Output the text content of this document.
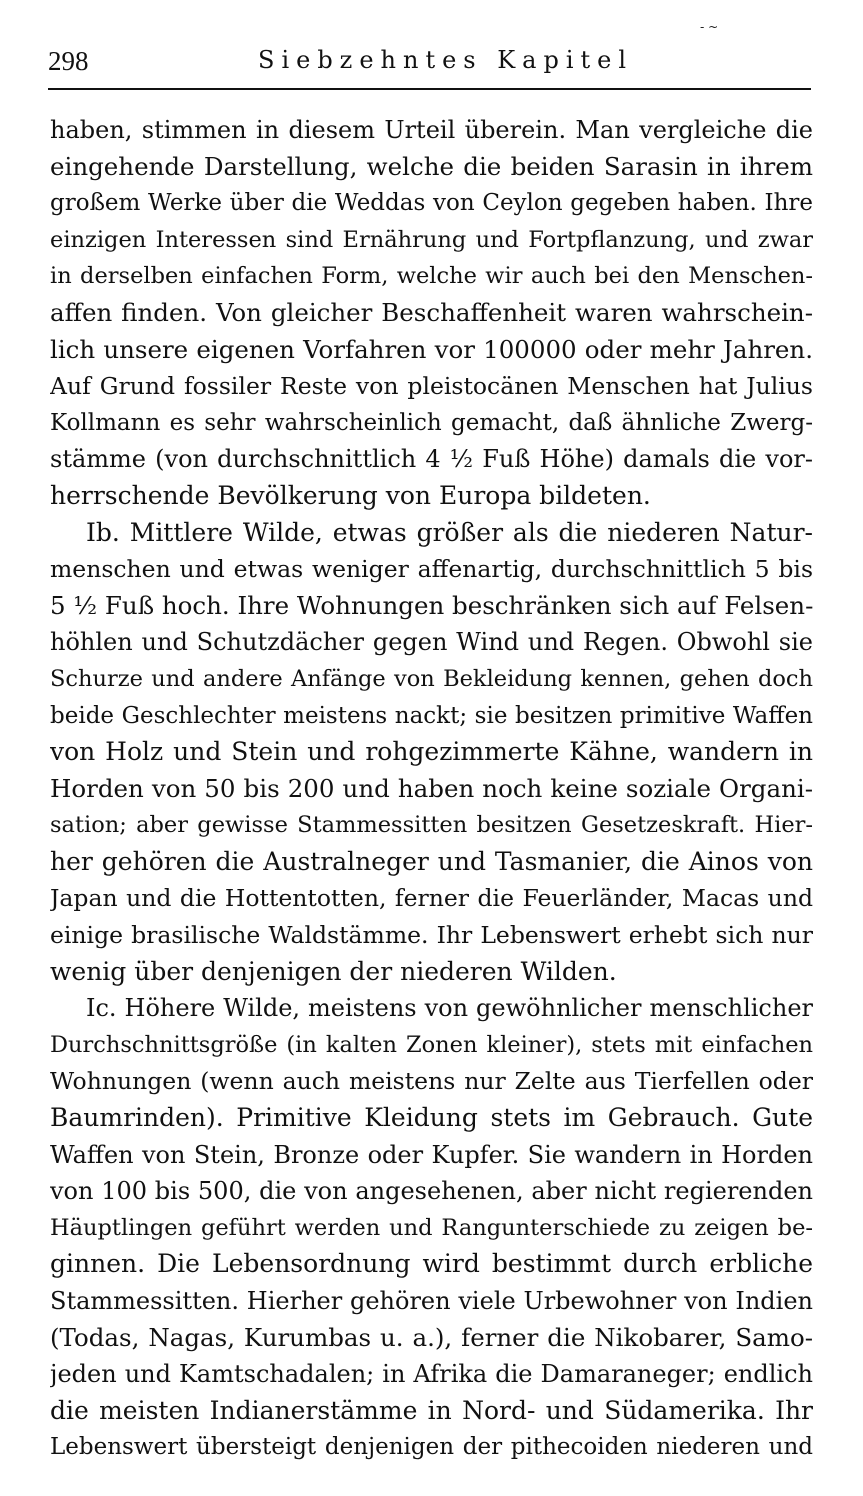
- ~
298	Siebzehntes Kapitel
haben, stimmen in diesem Urteil überein. Man vergleiche die
eingehende Darstellung, welche die beiden Sarasin in ihrem
großem Werke über die Weddas von Ceylon gegeben haben. Ihre
einzigen Interessen sind Ernährung und Fortpflanzung, und zwar
in derselben einfachen Form, welche wir auch bei den Menschen-
affen finden. Von gleicher Beschaffenheit waren wahrschein-
lich unsere eigenen Vorfahren vor 100000 oder mehr Jahren.
Auf Grund fossiler Reste von pleistocänen Menschen hat Julius
Kollmann es sehr wahrscheinlich gemacht, daß ähnliche Zwerg-
stämme (von durchschnittlich 4 ½ Fuß Höhe) damals die vor-
herrschende Bevölkerung von Europa bildeten.
Ib. Mittlere Wilde, etwas größer als die niederen Natur-
menschen und etwas weniger affenartig, durchschnittlich 5 bis
5 ½ Fuß hoch. Ihre Wohnungen beschränken sich auf Felsen-
höhlen und Schutzdächer gegen Wind und Regen. Obwohl sie
Schurze und andere Anfänge von Bekleidung kennen, gehen doch
beide Geschlechter meistens nackt; sie besitzen primitive Waffen
von Holz und Stein und rohgezimmerte Kähne, wandern in
Horden von 50 bis 200 und haben noch keine soziale Organi-
sation; aber gewisse Stammessitten besitzen Gesetzeskraft. Hier-
her gehören die Australneger und Tasmanier, die Ainos von
Japan und die Hottentotten, ferner die Feuerländer, Macas und
einige brasilische Waldstämme. Ihr Lebenswert erhebt sich nur
wenig über denjenigen der niederen Wilden.
Ic. Höhere Wilde, meistens von gewöhnlicher menschlicher
Durchschnittsgröße (in kalten Zonen kleiner), stets mit einfachen
Wohnungen (wenn auch meistens nur Zelte aus Tierfellen oder
Baumrinden). Primitive Kleidung stets im Gebrauch. Gute
Waffen von Stein, Bronze oder Kupfer. Sie wandern in Horden
von 100 bis 500, die von angesehenen, aber nicht regierenden
Häuptlingen geführt werden und Rangunterschiede zu zeigen be-
ginnen. Die Lebensordnung wird bestimmt durch erbliche
Stammessitten. Hierher gehören viele Urbewohner von Indien
(Todas, Nagas, Kurumbas u. a.), ferner die Nikobarer, Samo-
jeden und Kamtschadalen; in Afrika die Damaraneger; endlich
die meisten Indianerstämme in Nord- und Südamerika. Ihr
Lebenswert übersteigt denjenigen der pithecoiden niederen und
